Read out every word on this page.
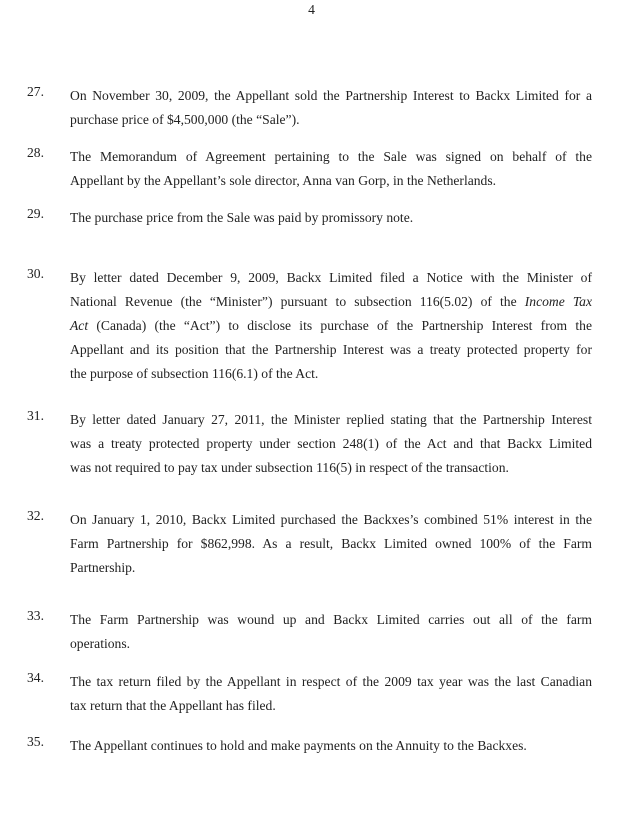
4
27.	On November 30, 2009, the Appellant sold the Partnership Interest to Backx Limited for a
purchase price of $4,500,000 (the “Sale”).
28.	The Memorandum of Agreement pertaining to the Sale was signed on behalf of the
Appellant by the Appellant’s sole director, Anna van Gorp, in the Netherlands.
29.	The purchase price from the Sale was paid by promissory note.
30.	By letter dated December 9, 2009, Backx Limited filed a Notice with the Minister of
National Revenue (the “Minister”) pursuant to subsection 116(5.02) of the Income Tax
Act (Canada) (the “Act”) to disclose its purchase of the Partnership Interest from the
Appellant and its position that the Partnership Interest was a treaty protected property for
the purpose of subsection 116(6.1) of the Act.
31.	By letter dated January 27, 2011, the Minister replied stating that the Partnership Interest
was a treaty protected property under section 248(1) of the Act and that Backx Limited
was not required to pay tax under subsection 116(5) in respect of the transaction.
32.	On January 1, 2010, Backx Limited purchased the Backxes’s combined 51% interest in the
Farm Partnership for $862,998. As a result, Backx Limited owned 100% of the Farm
Partnership.
33.	The Farm Partnership was wound up and Backx Limited carries out all of the farm
operations.
34.	The tax return filed by the Appellant in respect of the 2009 tax year was the last Canadian
tax return that the Appellant has filed.
35.	The Appellant continues to hold and make payments on the Annuity to the Backxes.
